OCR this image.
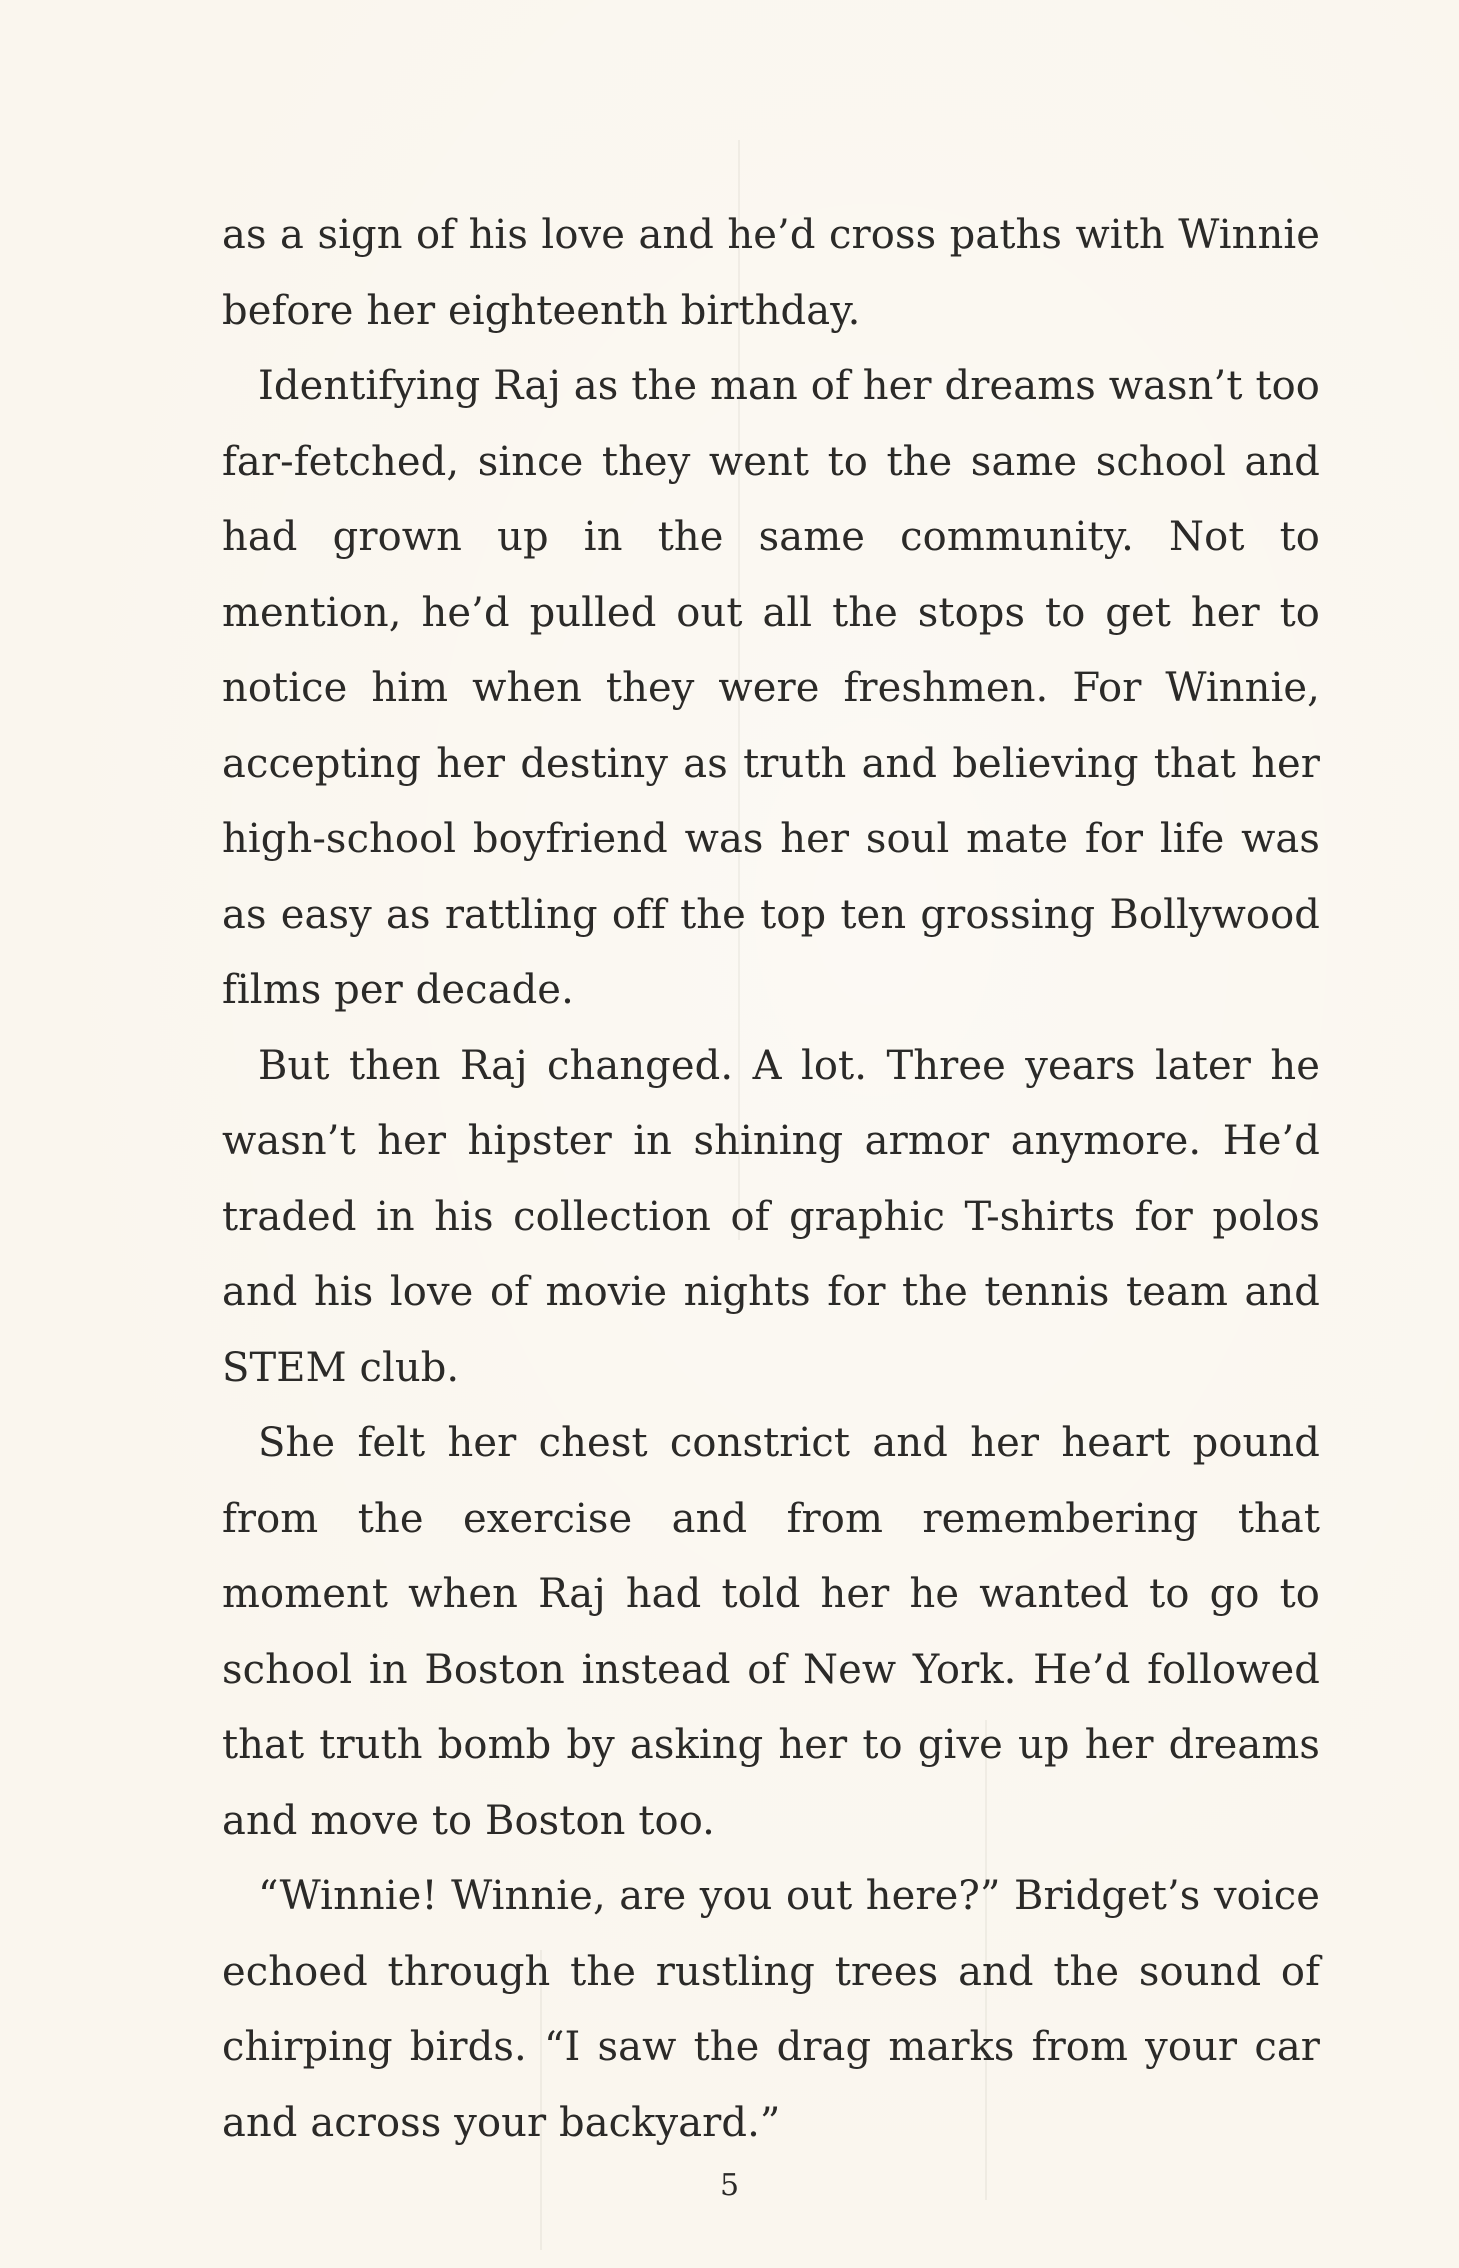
as a sign of his love and he’d cross paths with Winnie before her eighteenth birthday.

Identifying Raj as the man of her dreams wasn’t too far-fetched, since they went to the same school and had grown up in the same community. Not to mention, he’d pulled out all the stops to get her to notice him when they were freshmen. For Winnie, accepting her destiny as truth and believing that her high-school boyfriend was her soul mate for life was as easy as rattling off the top ten grossing Bollywood films per decade.

But then Raj changed. A lot. Three years later he wasn’t her hipster in shining armor anymore. He’d traded in his collection of graphic T-shirts for polos and his love of movie nights for the tennis team and STEM club.

She felt her chest constrict and her heart pound from the exercise and from remembering that moment when Raj had told her he wanted to go to school in Boston instead of New York. He’d followed that truth bomb by asking her to give up her dreams and move to Boston too.

“Winnie! Winnie, are you out here?” Bridget’s voice echoed through the rustling trees and the sound of chirping birds. “I saw the drag marks from your car and across your backyard.”

5
